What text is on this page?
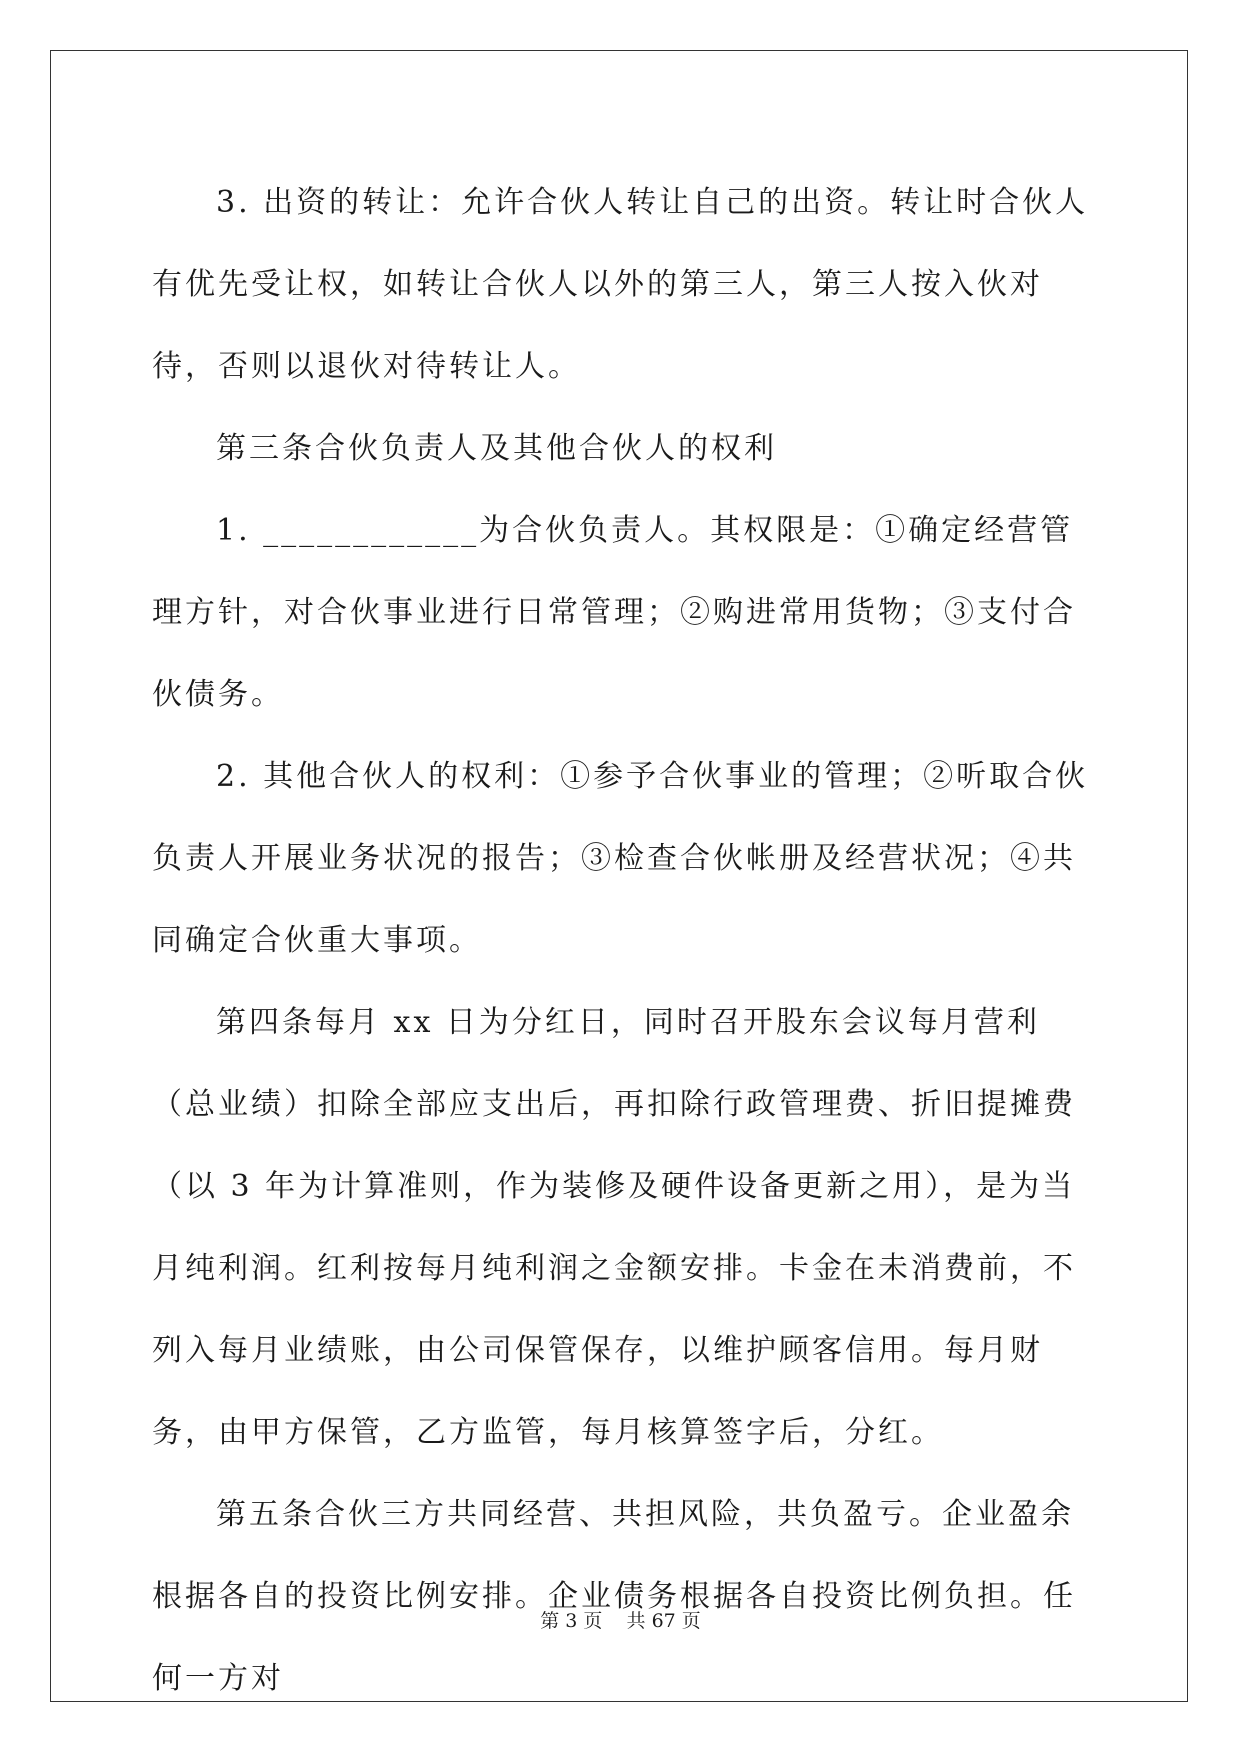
3. 出资的转让：允许合伙人转让自己的出资。转让时合伙人有优先受让权，如转让合伙人以外的第三人，第三人按入伙对待，否则以退伙对待转让人。

第三条合伙负责人及其他合伙人的权利

1. ____________为合伙负责人。其权限是：①确定经营管理方针，对合伙事业进行日常管理；②购进常用货物；③支付合伙债务。

2. 其他合伙人的权利：①参予合伙事业的管理；②听取合伙负责人开展业务状况的报告；③检查合伙帐册及经营状况；④共同确定合伙重大事项。

第四条每月 xx 日为分红日，同时召开股东会议每月营利（总业绩）扣除全部应支出后，再扣除行政管理费、折旧提摊费（以 3 年为计算准则，作为装修及硬件设备更新之用），是为当月纯利润。红利按每月纯利润之金额安排。卡金在未消费前，不列入每月业绩账，由公司保管保存，以维护顾客信用。每月财务，由甲方保管，乙方监管，每月核算签字后，分红。

第五条合伙三方共同经营、共担风险，共负盈亏。企业盈余根据各自的投资比例安排。企业债务根据各自投资比例负担。任何一方对

第 3 页 共 67 页
